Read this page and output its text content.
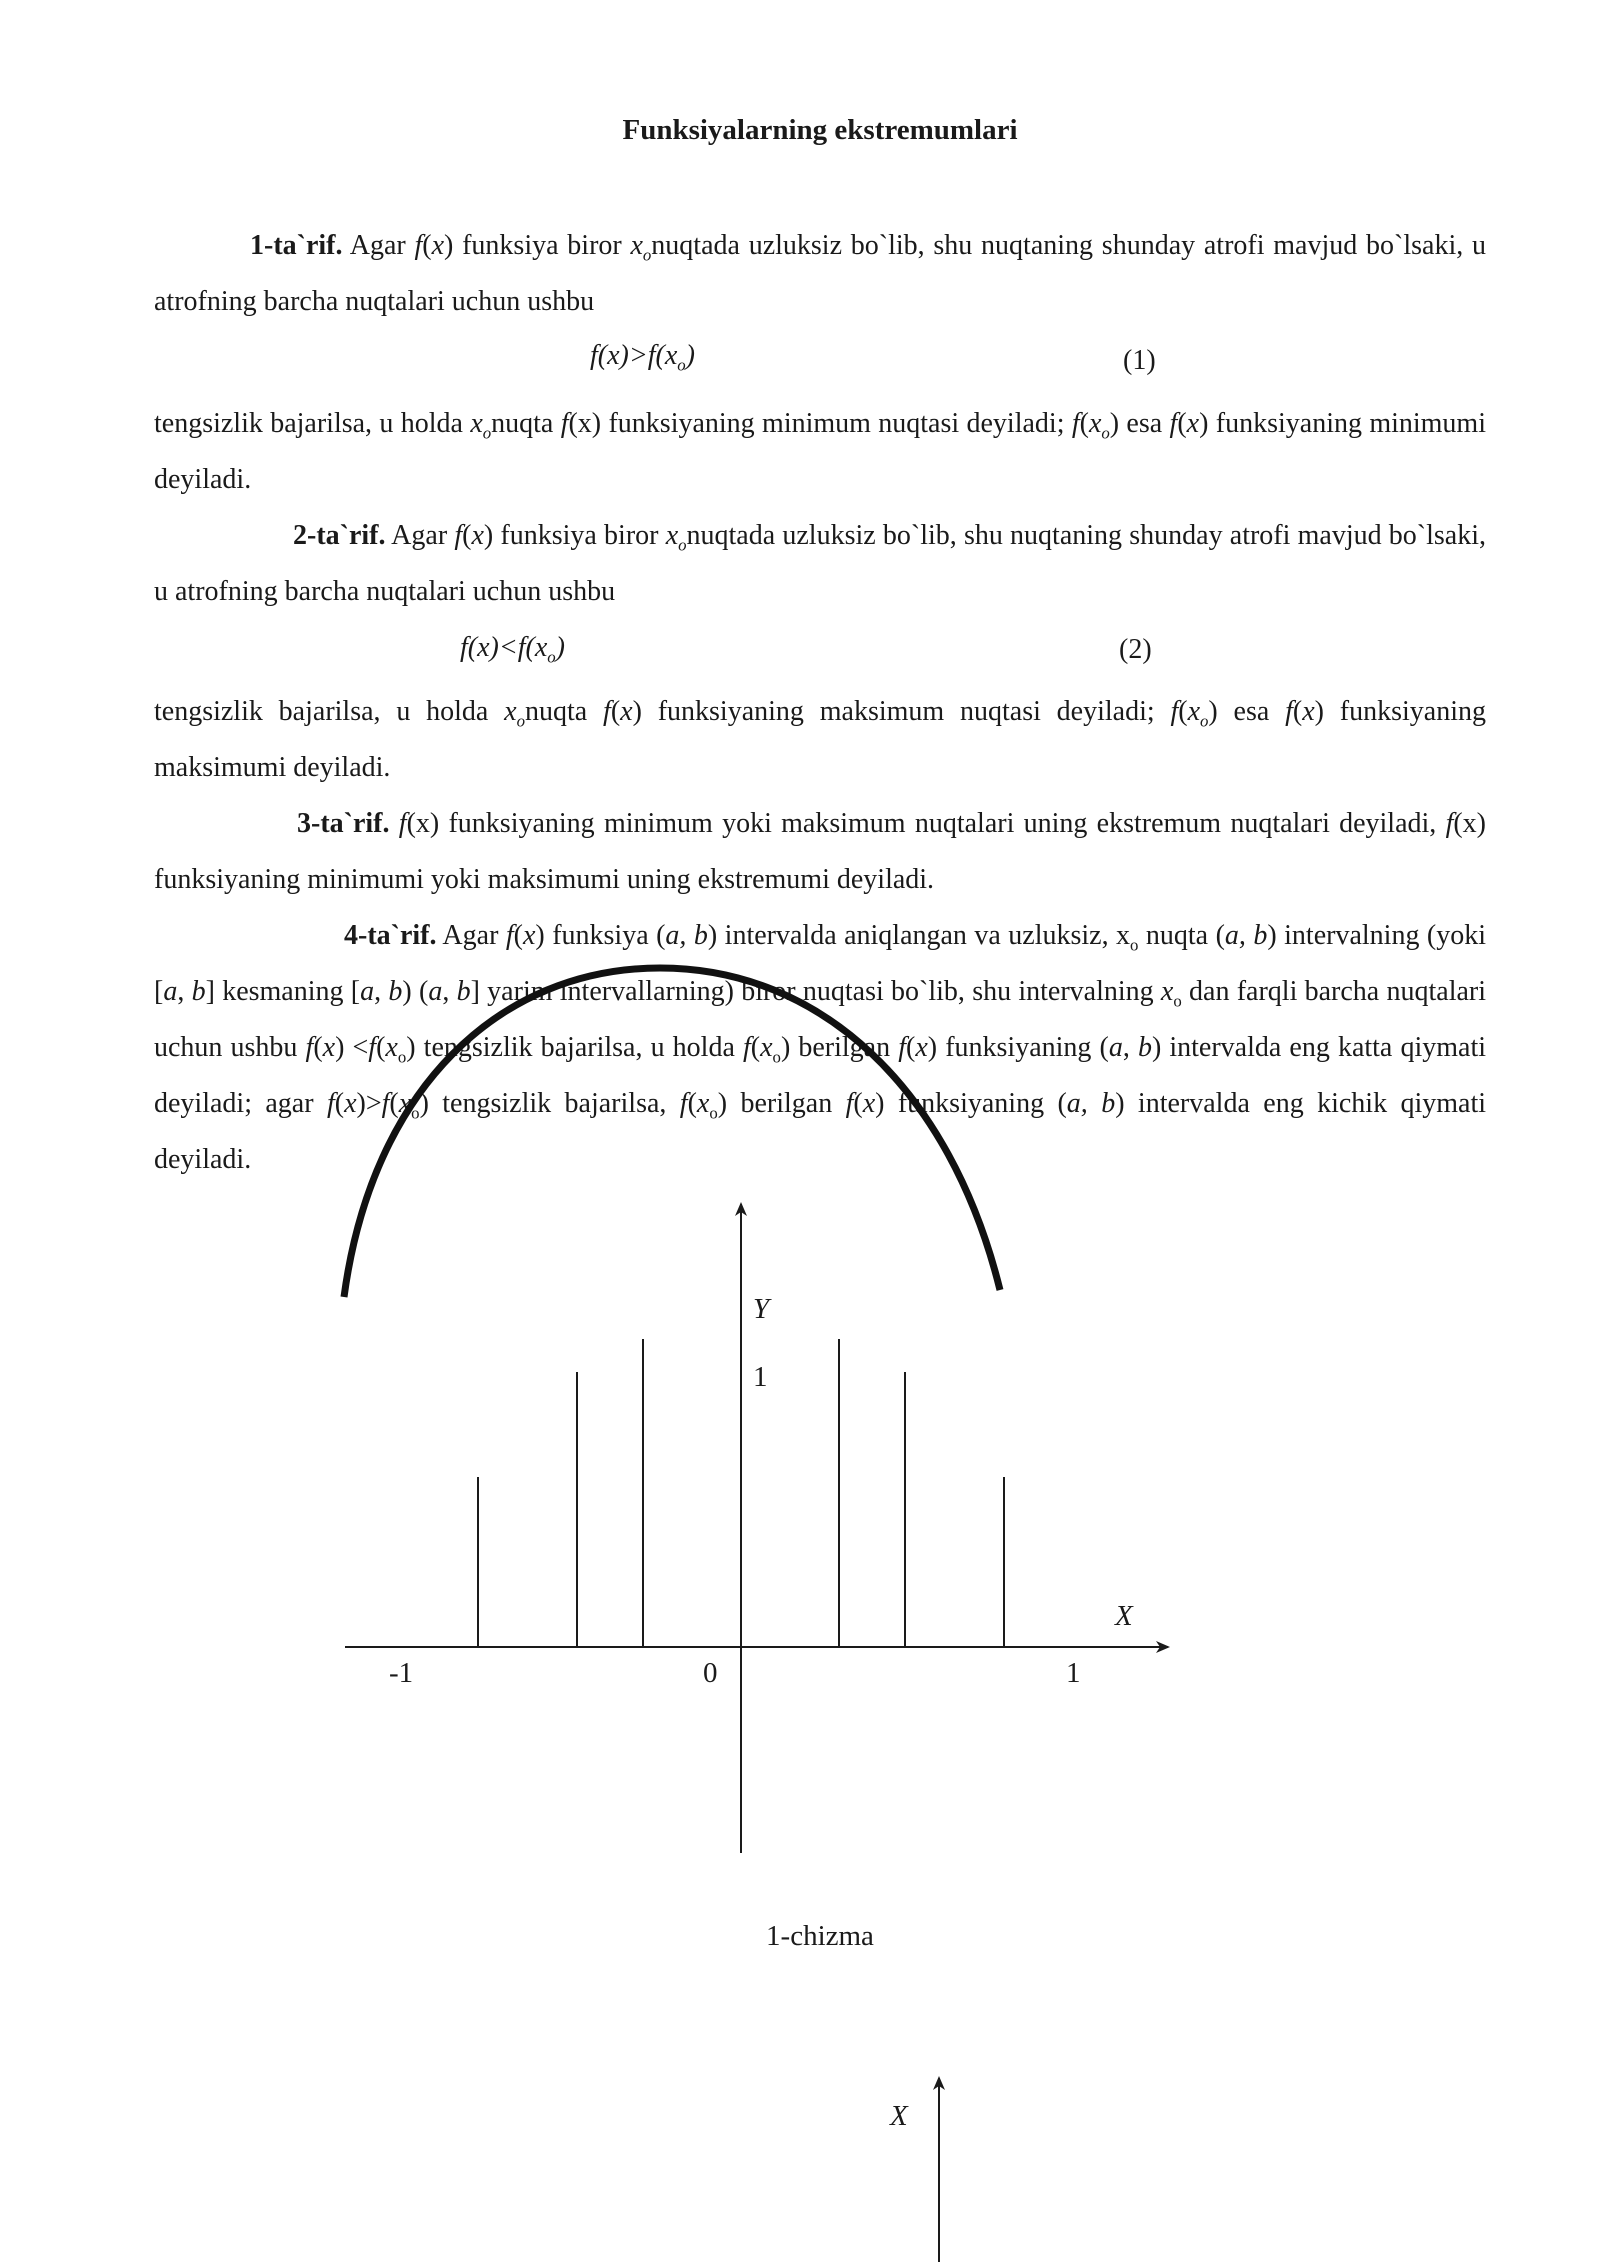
Funksiyalarning ekstremumlari
1-ta`rif. Agar f(x) funksiya biror $x_onuqtada$ uzluksiz bo`lib, shu nuqtaning shunday atrofi mavjud bo`lsaki, u atrofning barcha nuqtalari uchun ushbu
$f(x)>f(x_o)$	(1)
tengsizlik bajarilsa, u holda $x_onuqta$ f(x) funksiyaning minimum nuqtasi deyiladi; $f(x_o)$ esa f(x) funksiyaning minimumi deyiladi.
2-ta`rif. Agar f(x) funksiya biror $x_onuqtada$ uzluksiz bo`lib, shu nuqtaning shunday atrofi mavjud bo`lsaki, u atrofning barcha nuqtalari uchun ushbu
$f(x)<f(x_o)$	(2)
tengsizlik bajarilsa, u holda $x_onuqta$ f(x) funksiyaning maksimum nuqtasi deyiladi; $f(x_o)$ esa f(x) funksiyaning maksimumi deyiladi.
3-ta`rif. f(x) funksiyaning minimum yoki maksimum nuqtalari uning ekstremum nuqtalari deyiladi, f(x) funksiyaning minimumi yoki maksimumi uning ekstremumi deyiladi.
4-ta`rif. Agar f(x) funksiya (a, b) intervalda aniqlangan va uzluksiz, $x_o$ nuqta (a, b) intervalning (yoki [a, b] kesmaning [a, b) (a, b] yarim intervallarning) biror nuqtasi bo`lib, shu intervalning $x_o$ dan farqli barcha nuqtalari uchun ushbu $f(x) <f(x_o)$ tengsizlik bajarilsa, u holda $f(x_o)$ berilgan f(x) funksiyaning (a, b) intervalda eng katta qiymati deyiladi; agar $f(x)>f(x_o)$ tengsizlik bajarilsa, $f(x_o)$ berilgan f(x) funksiyaning (a, b) intervalda eng kichik qiymati deyiladi.
Y
1
X
-1	0	1
X
1-chizma
